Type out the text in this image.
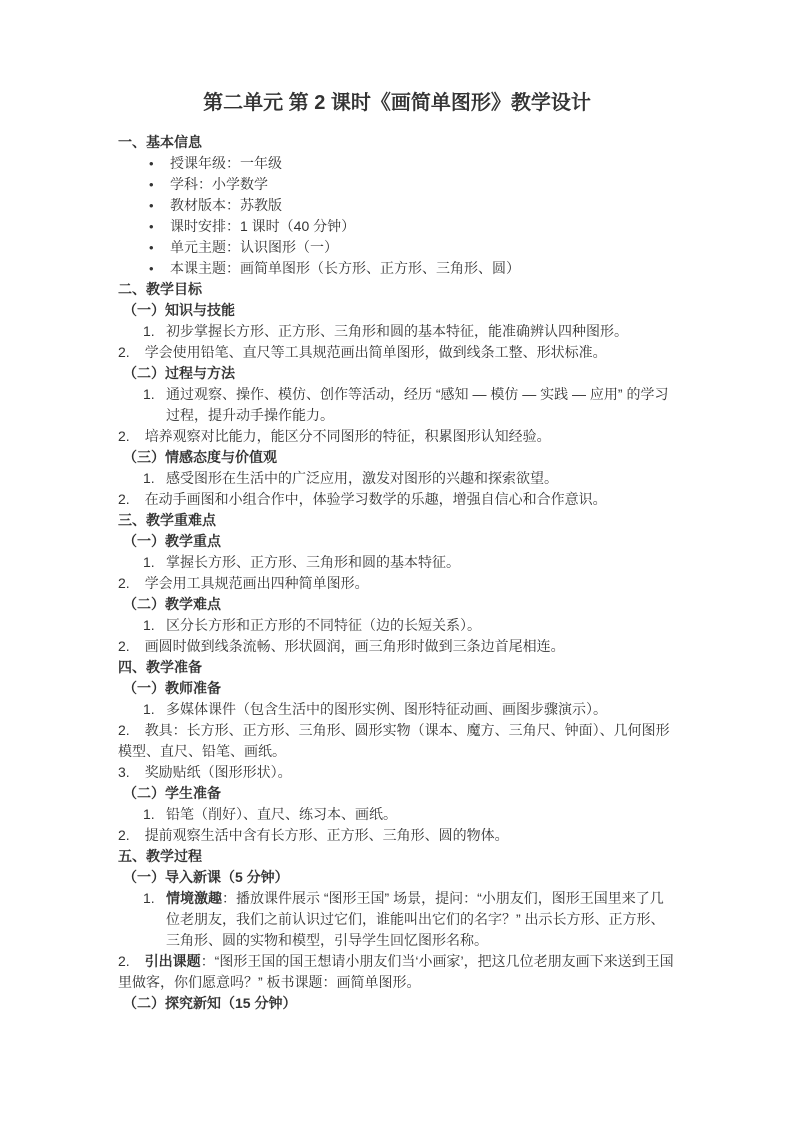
第二单元 第 2 课时《画简单图形》教学设计
一、基本信息
• 授课年级：一年级
• 学科：小学数学
• 教材版本：苏教版
• 课时安排：1 课时（40 分钟）
• 单元主题：认识图形（一）
• 本课主题：画简单图形（长方形、正方形、三角形、圆）
二、教学目标
（一）知识与技能
1. 初步掌握长方形、正方形、三角形和圆的基本特征，能准确辨认四种图形。
2. 学会使用铅笔、直尺等工具规范画出简单图形，做到线条工整、形状标准。
（二）过程与方法
1. 通过观察、操作、模仿、创作等活动，经历 “感知 — 模仿 — 实践 — 应用” 的学习过程，提升动手操作能力。
2. 培养观察对比能力，能区分不同图形的特征，积累图形认知经验。
（三）情感态度与价值观
1. 感受图形在生活中的广泛应用，激发对图形的兴趣和探索欲望。
2. 在动手画图和小组合作中，体验学习数学的乐趣，增强自信心和合作意识。
三、教学重难点
（一）教学重点
1. 掌握长方形、正方形、三角形和圆的基本特征。
2. 学会用工具规范画出四种简单图形。
（二）教学难点
1. 区分长方形和正方形的不同特征（边的长短关系）。
2. 画圆时做到线条流畅、形状圆润，画三角形时做到三条边首尾相连。
四、教学准备
（一）教师准备
1. 多媒体课件（包含生活中的图形实例、图形特征动画、画图步骤演示）。
2. 教具：长方形、正方形、三角形、圆形实物（课本、魔方、三角尺、钟面）、几何图形模型、直尺、铅笔、画纸。
3. 奖励贴纸（图形形状）。
（二）学生准备
1. 铅笔（削好）、直尺、练习本、画纸。
2. 提前观察生活中含有长方形、正方形、三角形、圆的物体。
五、教学过程
（一）导入新课（5 分钟）
1. 情境激趣：播放课件展示 “图形王国” 场景，提问：“小朋友们，图形王国里来了几位老朋友，我们之前认识过它们，谁能叫出它们的名字？” 出示长方形、正方形、三角形、圆的实物和模型，引导学生回忆图形名称。
2. 引出课题：“图形王国的国王想请小朋友们当‘小画家’，把这几位老朋友画下来送到王国里做客，你们愿意吗？” 板书课题：画简单图形。
（二）探究新知（15 分钟）
